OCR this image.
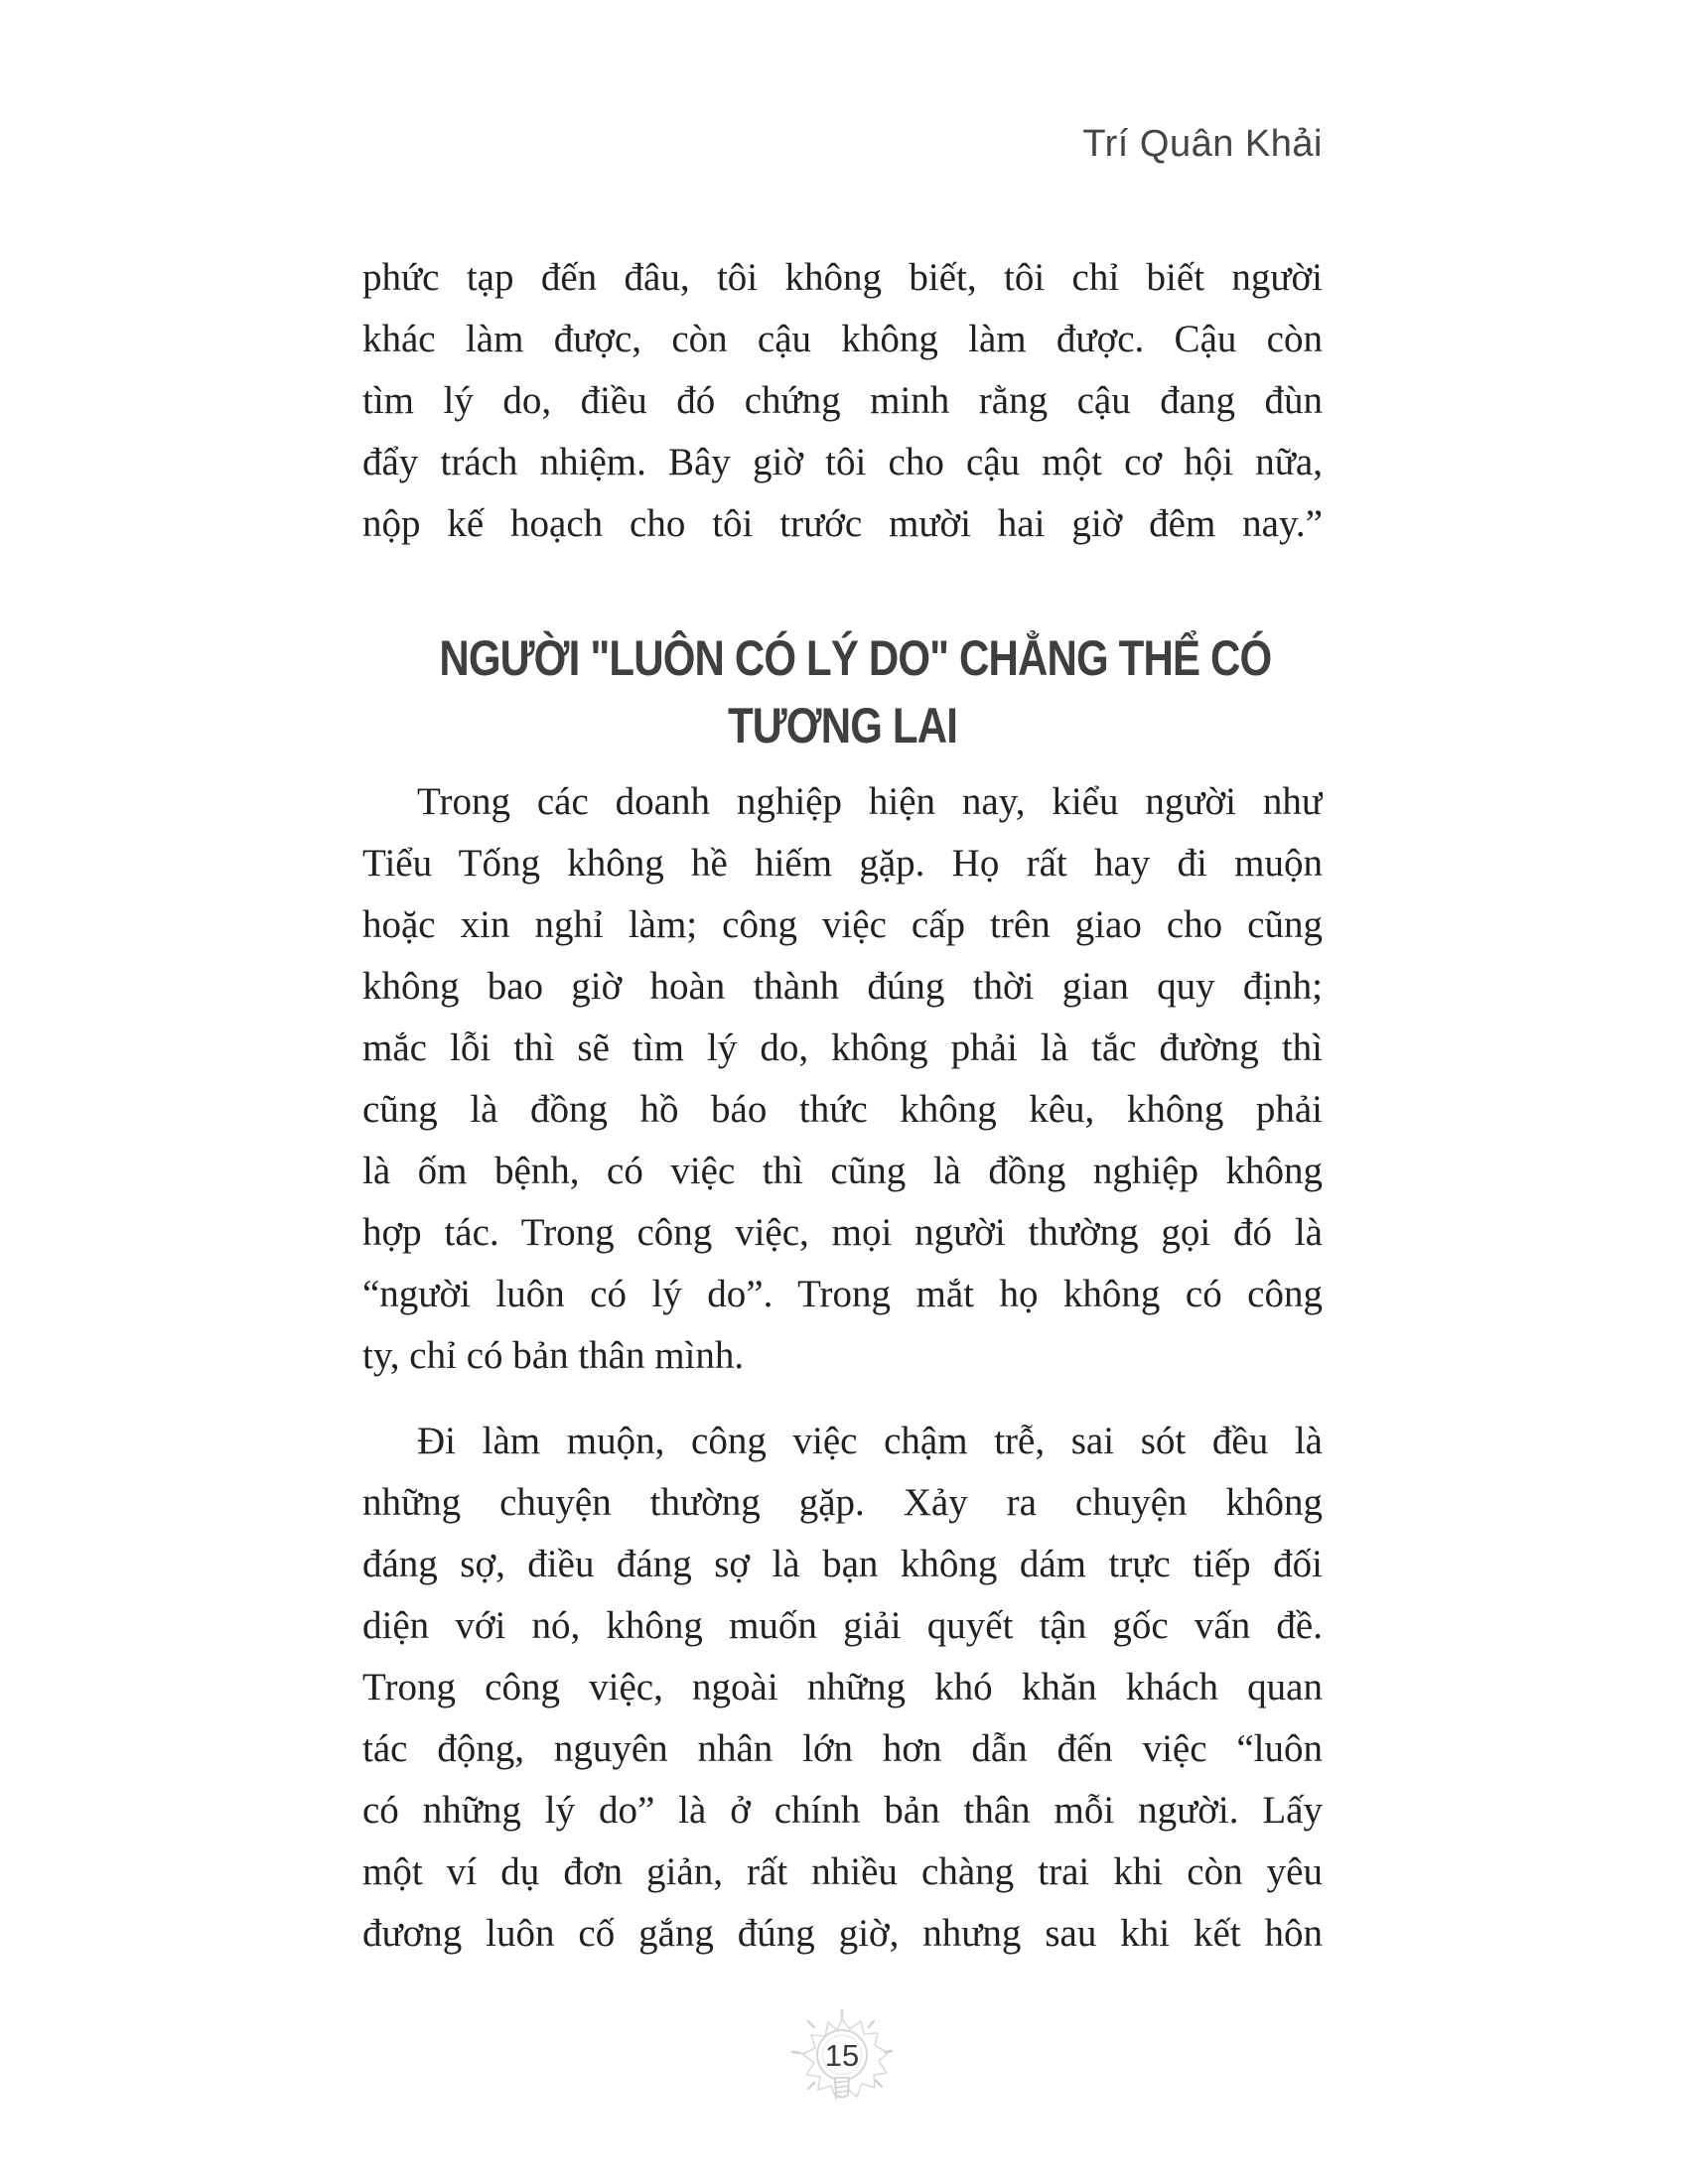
Trí Quân Khải
phức tạp đến đâu, tôi không biết, tôi chỉ biết người
khác làm được, còn cậu không làm được. Cậu còn
tìm lý do, điều đó chứng minh rằng cậu đang đùn
đẩy trách nhiệm. Bây giờ tôi cho cậu một cơ hội nữa,
nộp kế hoạch cho tôi trước mười hai giờ đêm nay.”
NGƯỜI "LUÔN CÓ LÝ DO" CHẲNG THỂ CÓ
TƯƠNG LAI
Trong các doanh nghiệp hiện nay, kiểu người như
Tiểu Tống không hề hiếm gặp. Họ rất hay đi muộn
hoặc xin nghỉ làm; công việc cấp trên giao cho cũng
không bao giờ hoàn thành đúng thời gian quy định;
mắc lỗi thì sẽ tìm lý do, không phải là tắc đường thì
cũng là đồng hồ báo thức không kêu, không phải
là ốm bệnh, có việc thì cũng là đồng nghiệp không
hợp tác. Trong công việc, mọi người thường gọi đó là
“người luôn có lý do”. Trong mắt họ không có công
ty, chỉ có bản thân mình.
Đi làm muộn, công việc chậm trễ, sai sót đều là
những chuyện thường gặp. Xảy ra chuyện không
đáng sợ, điều đáng sợ là bạn không dám trực tiếp đối
diện với nó, không muốn giải quyết tận gốc vấn đề.
Trong công việc, ngoài những khó khăn khách quan
tác động, nguyên nhân lớn hơn dẫn đến việc “luôn
có những lý do” là ở chính bản thân mỗi người. Lấy
một ví dụ đơn giản, rất nhiều chàng trai khi còn yêu
đương luôn cố gắng đúng giờ, nhưng sau khi kết hôn
15
